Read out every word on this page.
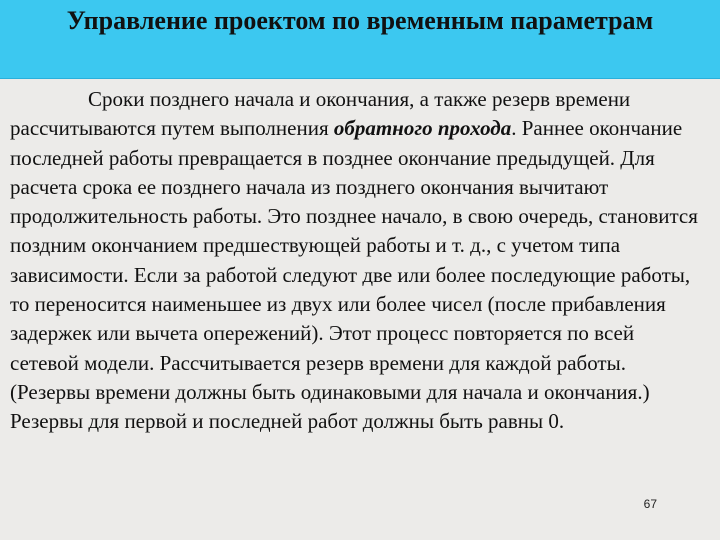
Управление проектом по временным параметрам

Сроки позднего начала и окончания, а также резерв времени рассчитываются путем выполнения обратного прохода. Раннее окончание последней работы превращается в позднее окончание предыдущей. Для расчета срока ее позднего начала из позднего окончания вычитают продолжительность работы. Это позднее начало, в свою очередь, становится поздним окончанием предшествующей работы и т. д., с учетом типа зависимости. Если за работой следуют две или более последующие работы, то переносится наименьшее из двух или более чисел (после прибавления задержек или вычета опережений). Этот процесс повторяется по всей сетевой модели. Рассчитывается резерв времени для каждой работы. (Резервы времени должны быть одинаковыми для начала и окончания.) Резервы для первой и последней работ должны быть равны 0.

67
